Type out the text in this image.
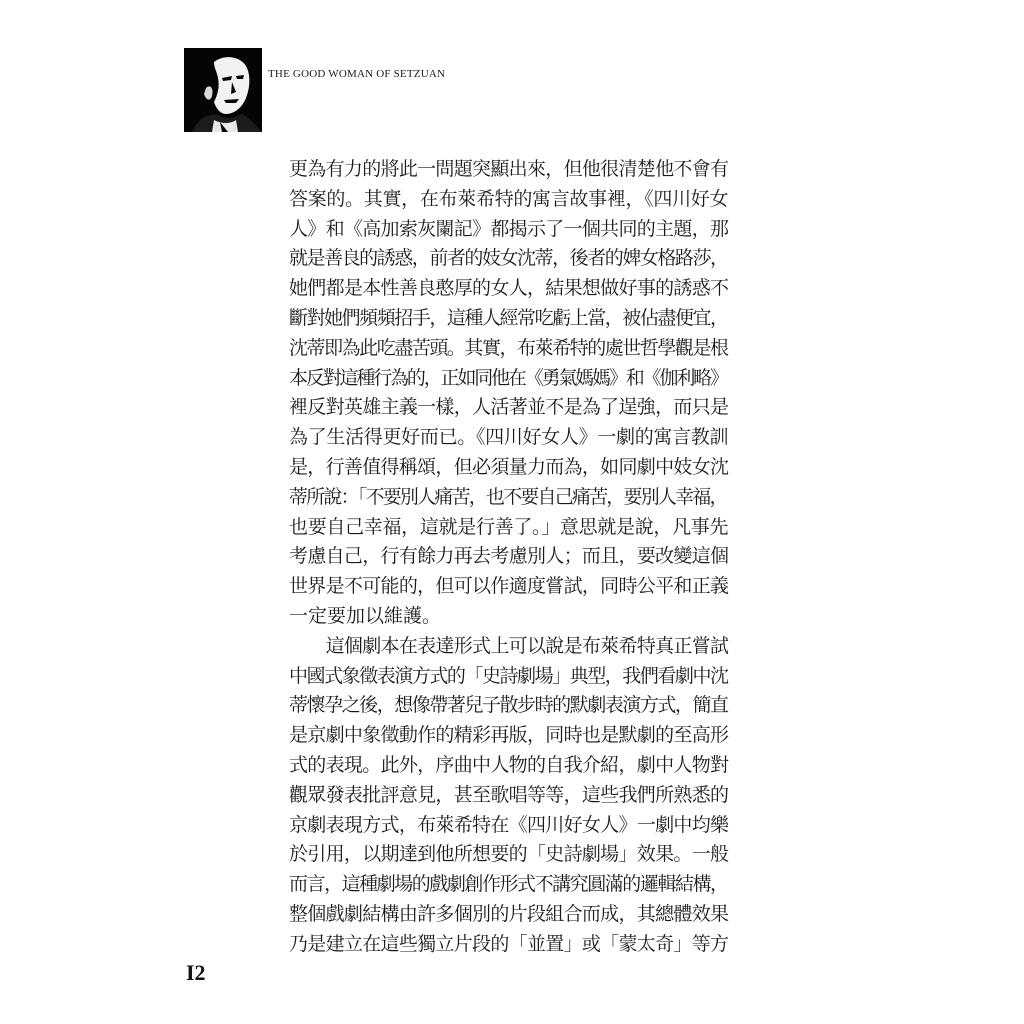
THE GOOD WOMAN OF SETZUAN
更為有力的將此一問題突顯出來，但他很清楚他不會有
答案的。其實，在布萊希特的寓言故事裡，《四川好女
人》和《高加索灰闌記》都揭示了一個共同的主題，那
就是善良的誘惑，前者的妓女沈蒂，後者的婢女格路莎，
她們都是本性善良憨厚的女人，結果想做好事的誘惑不
斷對她們頻頻招手，這種人經常吃虧上當，被佔盡便宜，
沈蒂即為此吃盡苦頭。其實，布萊希特的處世哲學觀是根
本反對這種行為的，正如同他在《勇氣媽媽》和《伽利略》
裡反對英雄主義一樣，人活著並不是為了逞強，而只是
為了生活得更好而已。《四川好女人》一劇的寓言教訓
是，行善值得稱頌，但必須量力而為，如同劇中妓女沈
蒂所說：「不要別人痛苦，也不要自己痛苦，要別人幸福，
也要自己幸福，這就是行善了。」意思就是說，凡事先
考慮自己，行有餘力再去考慮別人；而且，要改變這個
世界是不可能的，但可以作適度嘗試，同時公平和正義
一定要加以維護。
　　這個劇本在表達形式上可以說是布萊希特真正嘗試
中國式象徵表演方式的「史詩劇場」典型，我們看劇中沈
蒂懷孕之後，想像帶著兒子散步時的默劇表演方式，簡直
是京劇中象徵動作的精彩再版，同時也是默劇的至高形
式的表現。此外，序曲中人物的自我介紹，劇中人物對
觀眾發表批評意見，甚至歌唱等等，這些我們所熟悉的
京劇表現方式，布萊希特在《四川好女人》一劇中均樂
於引用，以期達到他所想要的「史詩劇場」效果。一般
而言，這種劇場的戲劇創作形式不講究圓滿的邏輯結構，
整個戲劇結構由許多個別的片段組合而成，其總體效果
乃是建立在這些獨立片段的「並置」或「蒙太奇」等方
I2
